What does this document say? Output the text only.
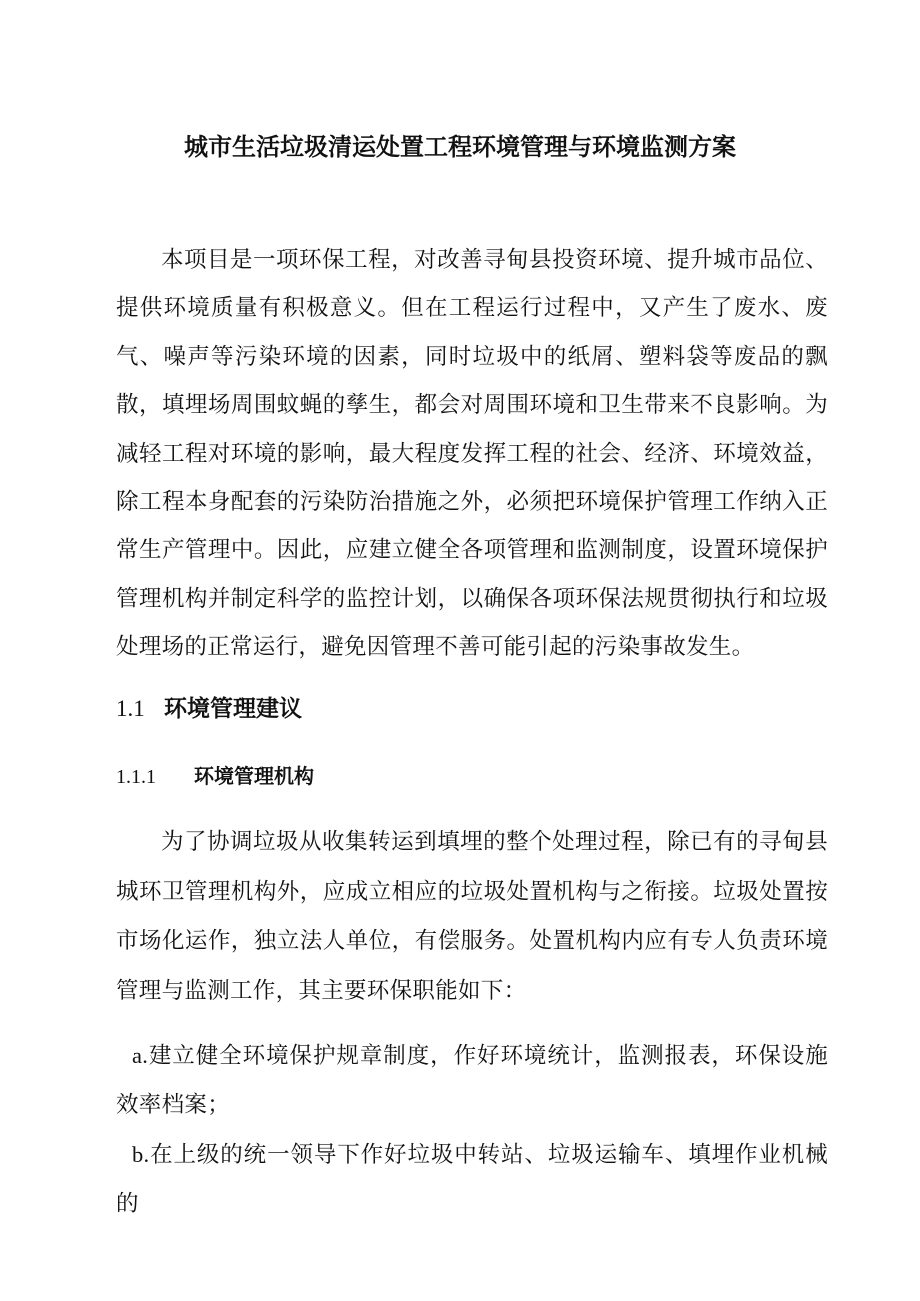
城市生活垃圾清运处置工程环境管理与环境监测方案

本项目是一项环保工程，对改善寻甸县投资环境、提升城市品位、提供环境质量有积极意义。但在工程运行过程中，又产生了废水、废气、噪声等污染环境的因素，同时垃圾中的纸屑、塑料袋等废品的飘散，填埋场周围蚊蝇的孳生，都会对周围环境和卫生带来不良影响。为减轻工程对环境的影响，最大程度发挥工程的社会、经济、环境效益，除工程本身配套的污染防治措施之外，必须把环境保护管理工作纳入正常生产管理中。因此，应建立健全各项管理和监测制度，设置环境保护管理机构并制定科学的监控计划，以确保各项环保法规贯彻执行和垃圾处理场的正常运行，避免因管理不善可能引起的污染事故发生。

1.1 环境管理建议
1.1.1 环境管理机构

为了协调垃圾从收集转运到填埋的整个处理过程，除已有的寻甸县城环卫管理机构外，应成立相应的垃圾处置机构与之衔接。垃圾处置按市场化运作，独立法人单位，有偿服务。处置机构内应有专人负责环境管理与监测工作，其主要环保职能如下：

a.建立健全环境保护规章制度，作好环境统计，监测报表，环保设施效率档案；

b.在上级的统一领导下作好垃圾中转站、垃圾运输车、填埋作业机械的
